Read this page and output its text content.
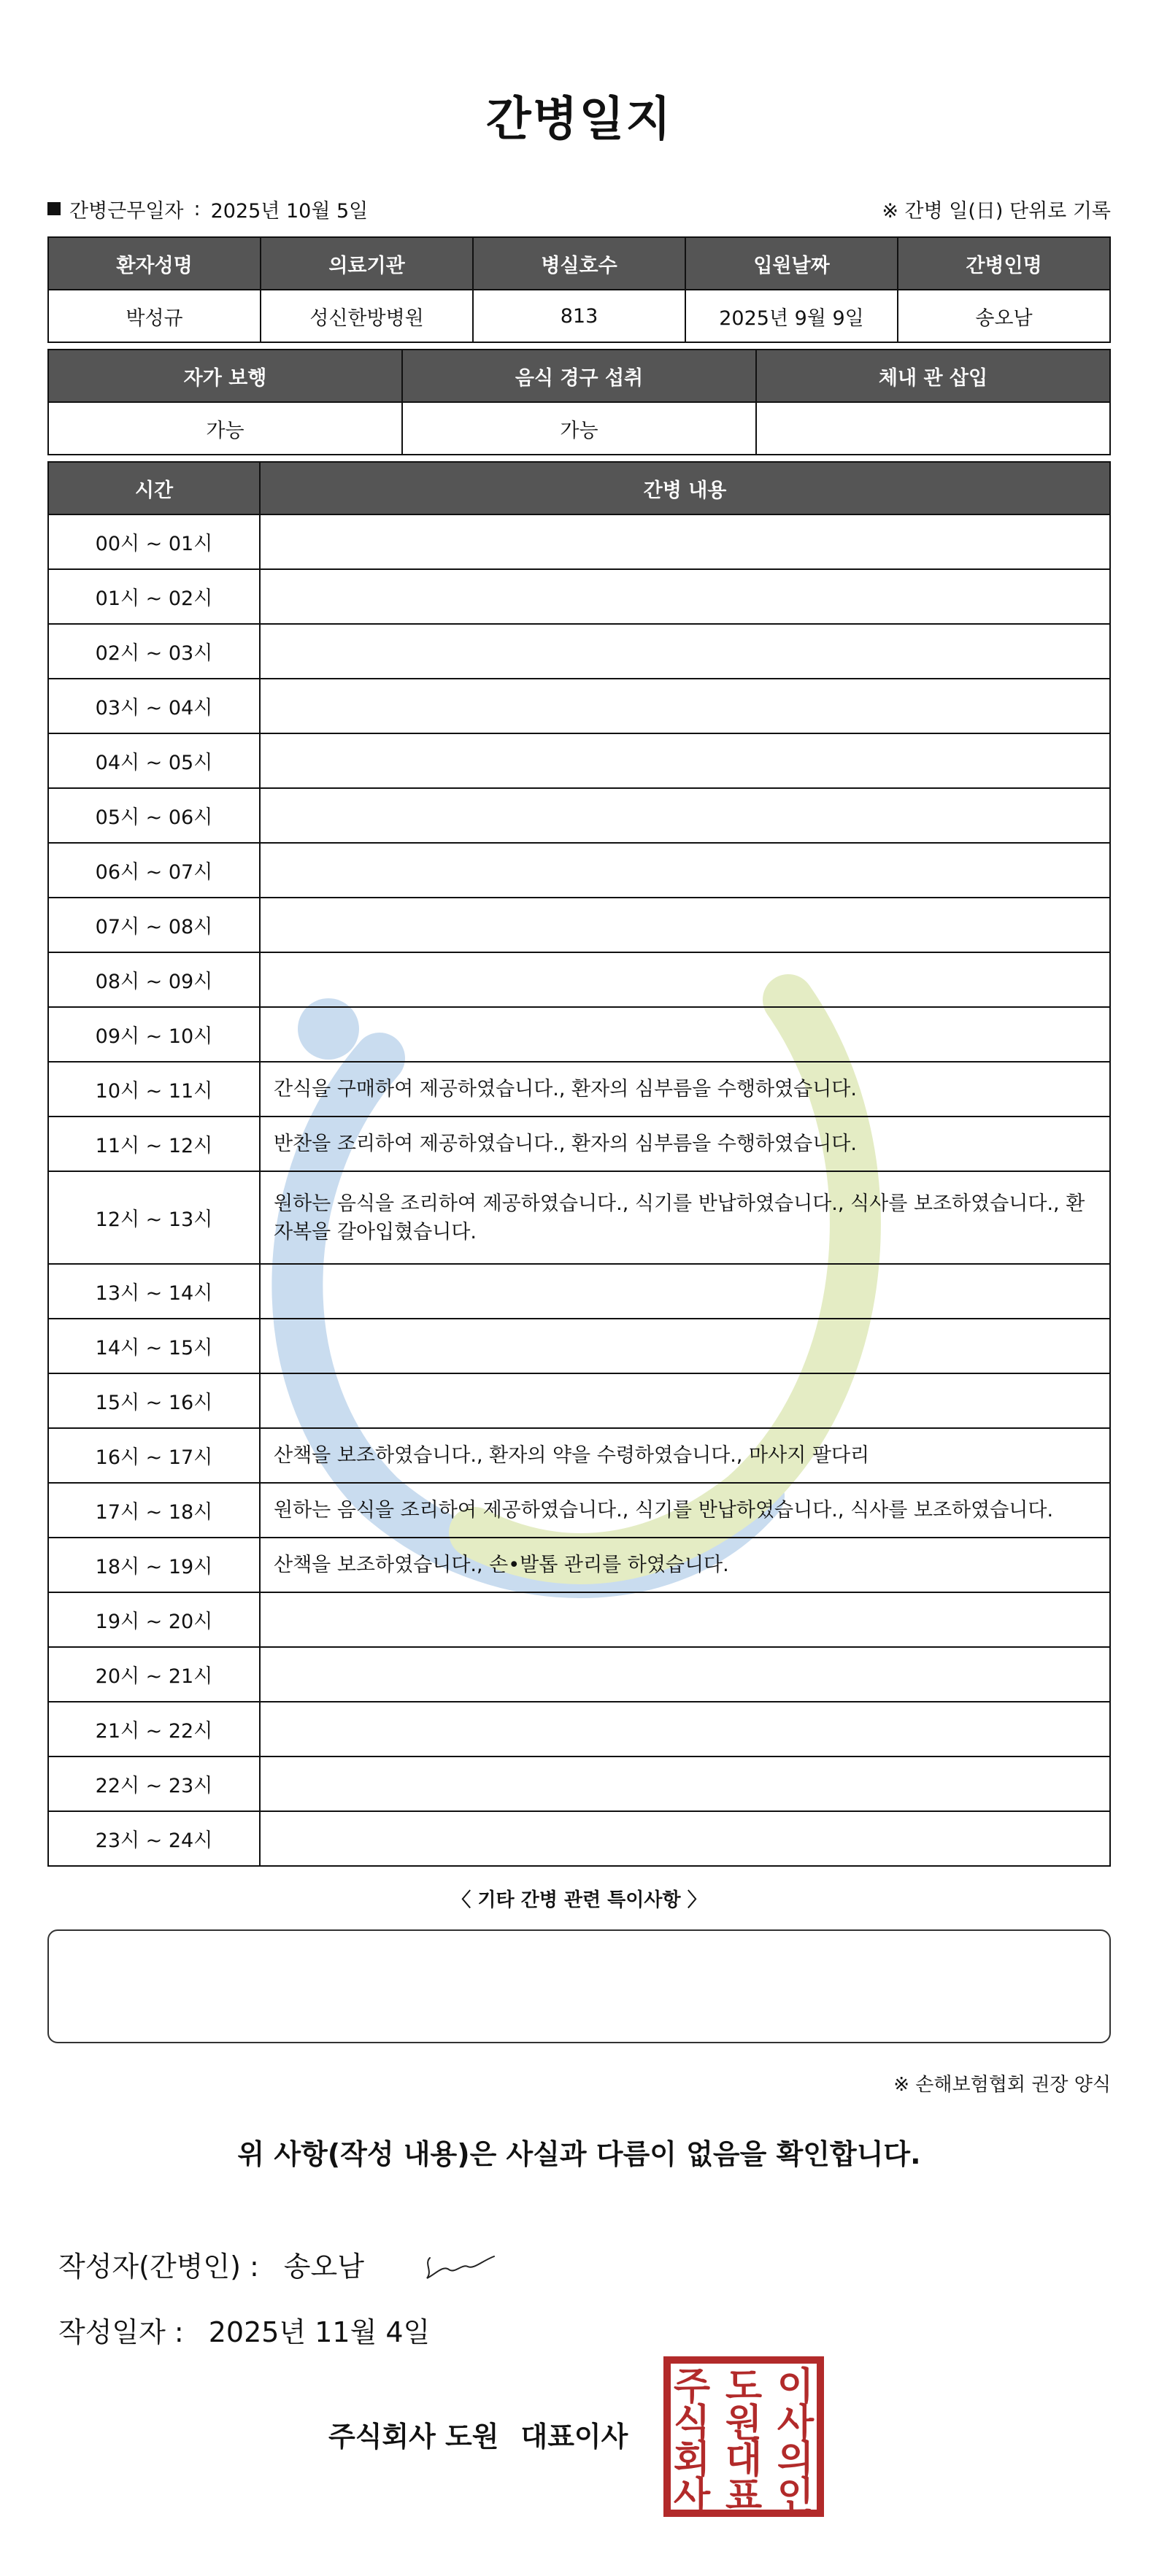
간병일지
간병근무일자 : 2025년 10월 5일	※ 간병 일(日) 단위로 기록
환자성명	의료기관	병실호수	입원날짜	간병인명
박성규	성신한방병원	813	2025년 9월 9일	송오남
자가 보행	음식 경구 섭취	체내 관 삽입
가능	가능	
시간	간병 내용
00시 ~ 01시	
01시 ~ 02시	
02시 ~ 03시	
03시 ~ 04시	
04시 ~ 05시	
05시 ~ 06시	
06시 ~ 07시	
07시 ~ 08시	
08시 ~ 09시	
09시 ~ 10시	
10시 ~ 11시	간식을 구매하여 제공하였습니다., 환자의 심부름을 수행하였습니다.
11시 ~ 12시	반찬을 조리하여 제공하였습니다., 환자의 심부름을 수행하였습니다.
12시 ~ 13시	원하는 음식을 조리하여 제공하였습니다., 식기를 반납하였습니다., 식사를 보조하였습니다., 환자복을 갈아입혔습니다.
13시 ~ 14시	
14시 ~ 15시	
15시 ~ 16시	
16시 ~ 17시	산책을 보조하였습니다., 환자의 약을 수령하였습니다., 마사지 팔다리
17시 ~ 18시	원하는 음식을 조리하여 제공하였습니다., 식기를 반납하였습니다., 식사를 보조하였습니다.
18시 ~ 19시	산책을 보조하였습니다., 손•발톱 관리를 하였습니다.
19시 ~ 20시	
20시 ~ 21시	
21시 ~ 22시	
22시 ~ 23시	
23시 ~ 24시	
〈 기타 간병 관련 특이사항 〉
※ 손해보험협회 권장 양식
위 사항(작성 내용)은 사실과 다름이 없음을 확인합니다.
작성자(간병인) : 송오남
작성일자 : 2025년 11월 4일
주식회사 도원 대표이사
주
식
회
사
도
원
대
표
이
사
의
인
